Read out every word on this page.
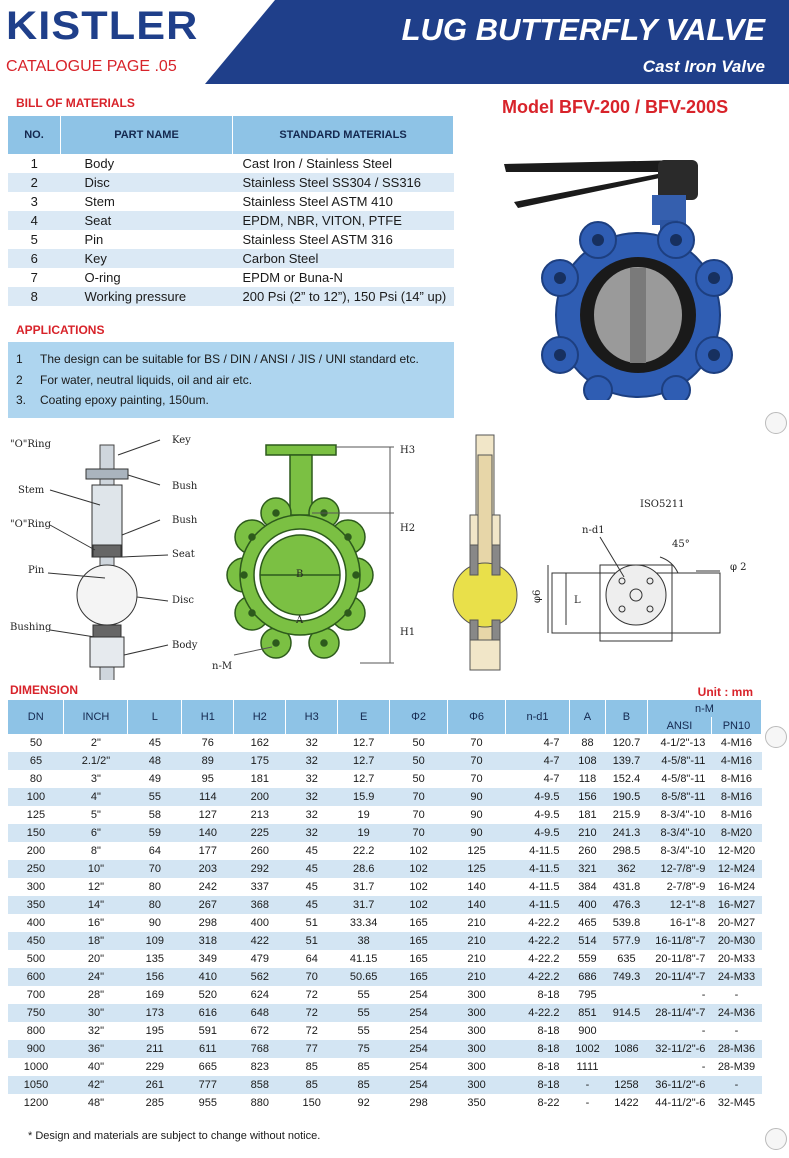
KISTLER
CATALOGUE PAGE .05
LUG BUTTERFLY VALVE
Cast Iron Valve
BILL OF MATERIALS	Model BFV-200 / BFV-200S
NO.	PART NAME	STANDARD MATERIALS
1	Body	Cast Iron / Stainless Steel
2	Disc	Stainless Steel SS304 / SS316
3	Stem	Stainless Steel ASTM 410
4	Seat	EPDM, NBR, VITON, PTFE
5	Pin	Stainless Steel ASTM 316
6	Key	Carbon Steel
7	O-ring	EPDM or Buna-N
8	Working pressure	200 Psi (2” to 12”), 150 Psi (14” up)
APPLICATIONS
1 The design can be suitable for BS / DIN / ANSI / JIS / UNI standard etc.
2 For water, neutral liquids, oil and air etc.
3. Coating epoxy painting, 150um.
"O"Ring	Key
Stem	Bush
"O"Ring	Bush
Seat
Pin
Disc
Bushing
Body
B
A
H3
H2
H1
n-M
ISO5211
n-d1
45°
φ 2
φ6	L
DIMENSION	Unit : mm
DN	INCH	L	H1	H2	H3	E	Φ2	Φ6	n-d1	A	B	n-M	
												ANSI	PN10
50	2"	45	76	162	32	12.7	50	70	4-7	88	120.7	4-1/2"-13	4-M16
65	2.1/2"	48	89	175	32	12.7	50	70	4-7	108	139.7	4-5/8"-11	4-M16
80	3"	49	95	181	32	12.7	50	70	4-7	118	152.4	4-5/8"-11	8-M16
100	4"	55	114	200	32	15.9	70	90	4-9.5	156	190.5	8-5/8"-11	8-M16
125	5"	58	127	213	32	19	70	90	4-9.5	181	215.9	8-3/4"-10	8-M16
150	6"	59	140	225	32	19	70	90	4-9.5	210	241.3	8-3/4"-10	8-M20
200	8"	64	177	260	45	22.2	102	125	4-11.5	260	298.5	8-3/4"-10	12-M20
250	10"	70	203	292	45	28.6	102	125	4-11.5	321	362	12-7/8"-9	12-M24
300	12"	80	242	337	45	31.7	102	140	4-11.5	384	431.8	2-7/8"-9	16-M24
350	14"	80	267	368	45	31.7	102	140	4-11.5	400	476.3	12-1"-8	16-M27
400	16"	90	298	400	51	33.34	165	210	4-22.2	465	539.8	16-1"-8	20-M27
450	18"	109	318	422	51	38	165	210	4-22.2	514	577.9	16-11/8"-7	20-M30
500	20"	135	349	479	64	41.15	165	210	4-22.2	559	635	20-11/8"-7	20-M33
600	24"	156	410	562	70	50.65	165	210	4-22.2	686	749.3	20-11/4"-7	24-M33
700	28"	169	520	624	72	55	254	300	8-18	795		-	-
750	30"	173	616	648	72	55	254	300	4-22.2	851	914.5	28-11/4"-7	24-M36
800	32"	195	591	672	72	55	254	300	8-18	900		-	-
900	36"	211	611	768	77	75	254	300	8-18	1002	1086	32-11/2"-6	28-M36
1000	40"	229	665	823	85	85	254	300	8-18	1111		-	28-M39
1050	42"	261	777	858	85	85	254	300	8-18	-	1258	36-11/2"-6	-
1200	48"	285	955	880	150	92	298	350	8-22	-	1422	44-11/2"-6	32-M45
* Design and materials are subject to change without notice.
